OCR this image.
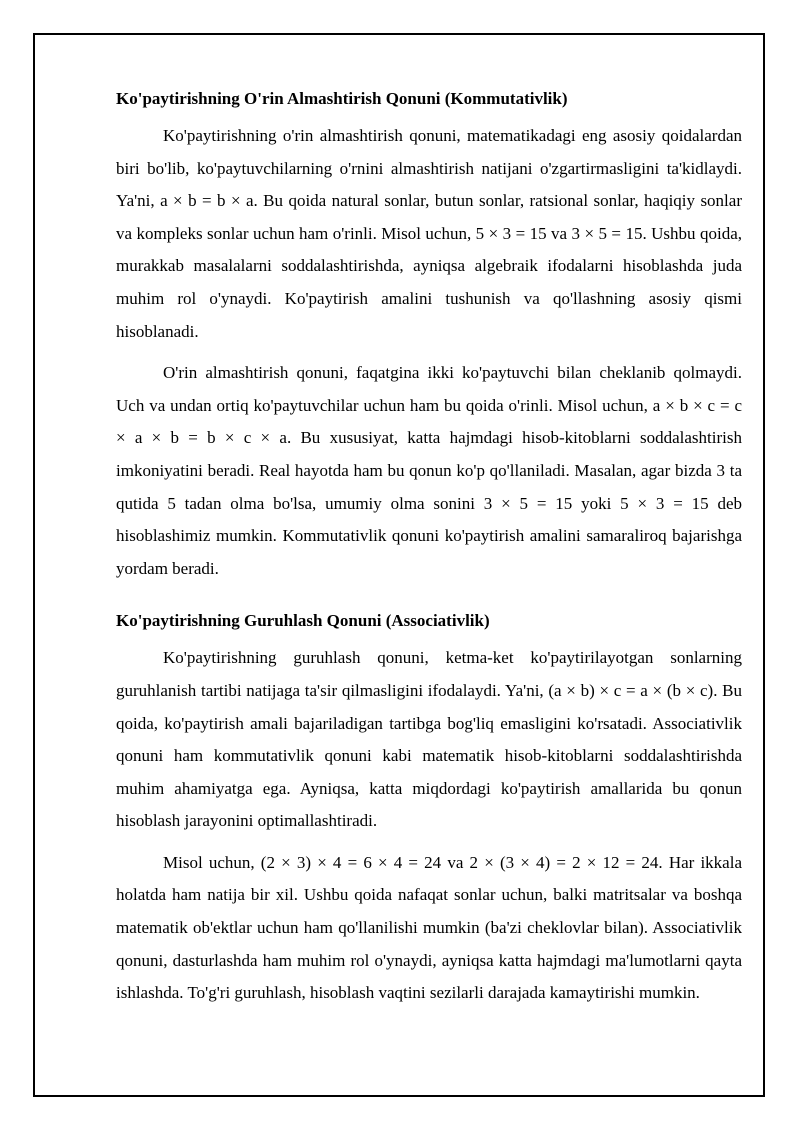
Ko'paytirishning O'rin Almashtirish Qonuni (Kommutativlik)

Ko'paytirishning o'rin almashtirish qonuni, matematikadagi eng asosiy qoidalardan biri bo'lib, ko'paytuvchilarning o'rnini almashtirish natijani o'zgartirmasligini ta'kidlaydi. Ya'ni, a × b = b × a. Bu qoida natural sonlar, butun sonlar, ratsional sonlar, haqiqiy sonlar va kompleks sonlar uchun ham o'rinli. Misol uchun, 5 × 3 = 15 va 3 × 5 = 15. Ushbu qoida, murakkab masalalarni soddalashtirishda, ayniqsa algebraik ifodalarni hisoblashda juda muhim rol o'ynaydi. Ko'paytirish amalini tushunish va qo'llashning asosiy qismi hisoblanadi.

O'rin almashtirish qonuni, faqatgina ikki ko'paytuvchi bilan cheklanib qolmaydi. Uch va undan ortiq ko'paytuvchilar uchun ham bu qoida o'rinli. Misol uchun, a × b × c = c × a × b = b × c × a. Bu xususiyat, katta hajmdagi hisob-kitoblarni soddalashtirish imkoniyatini beradi. Real hayotda ham bu qonun ko'p qo'llaniladi. Masalan, agar bizda 3 ta qutida 5 tadan olma bo'lsa, umumiy olma sonini 3 × 5 = 15 yoki 5 × 3 = 15 deb hisoblashimiz mumkin. Kommutativlik qonuni ko'paytirish amalini samaraliroq bajarishga yordam beradi.

Ko'paytirishning Guruhlash Qonuni (Associativlik)

Ko'paytirishning guruhlash qonuni, ketma-ket ko'paytirilayotgan sonlarning guruhlanish tartibi natijaga ta'sir qilmasligini ifodalaydi. Ya'ni, (a × b) × c = a × (b × c). Bu qoida, ko'paytirish amali bajariladigan tartibga bog'liq emasligini ko'rsatadi. Associativlik qonuni ham kommutativlik qonuni kabi matematik hisob-kitoblarni soddalashtirishda muhim ahamiyatga ega. Ayniqsa, katta miqdordagi ko'paytirish amallarida bu qonun hisoblash jarayonini optimallashtiradi.

Misol uchun, (2 × 3) × 4 = 6 × 4 = 24 va 2 × (3 × 4) = 2 × 12 = 24. Har ikkala holatda ham natija bir xil. Ushbu qoida nafaqat sonlar uchun, balki matritsalar va boshqa matematik ob'ektlar uchun ham qo'llanilishi mumkin (ba'zi cheklovlar bilan). Associativlik qonuni, dasturlashda ham muhim rol o'ynaydi, ayniqsa katta hajmdagi ma'lumotlarni qayta ishlashda. To'g'ri guruhlash, hisoblash vaqtini sezilarli darajada kamaytirishi mumkin.
